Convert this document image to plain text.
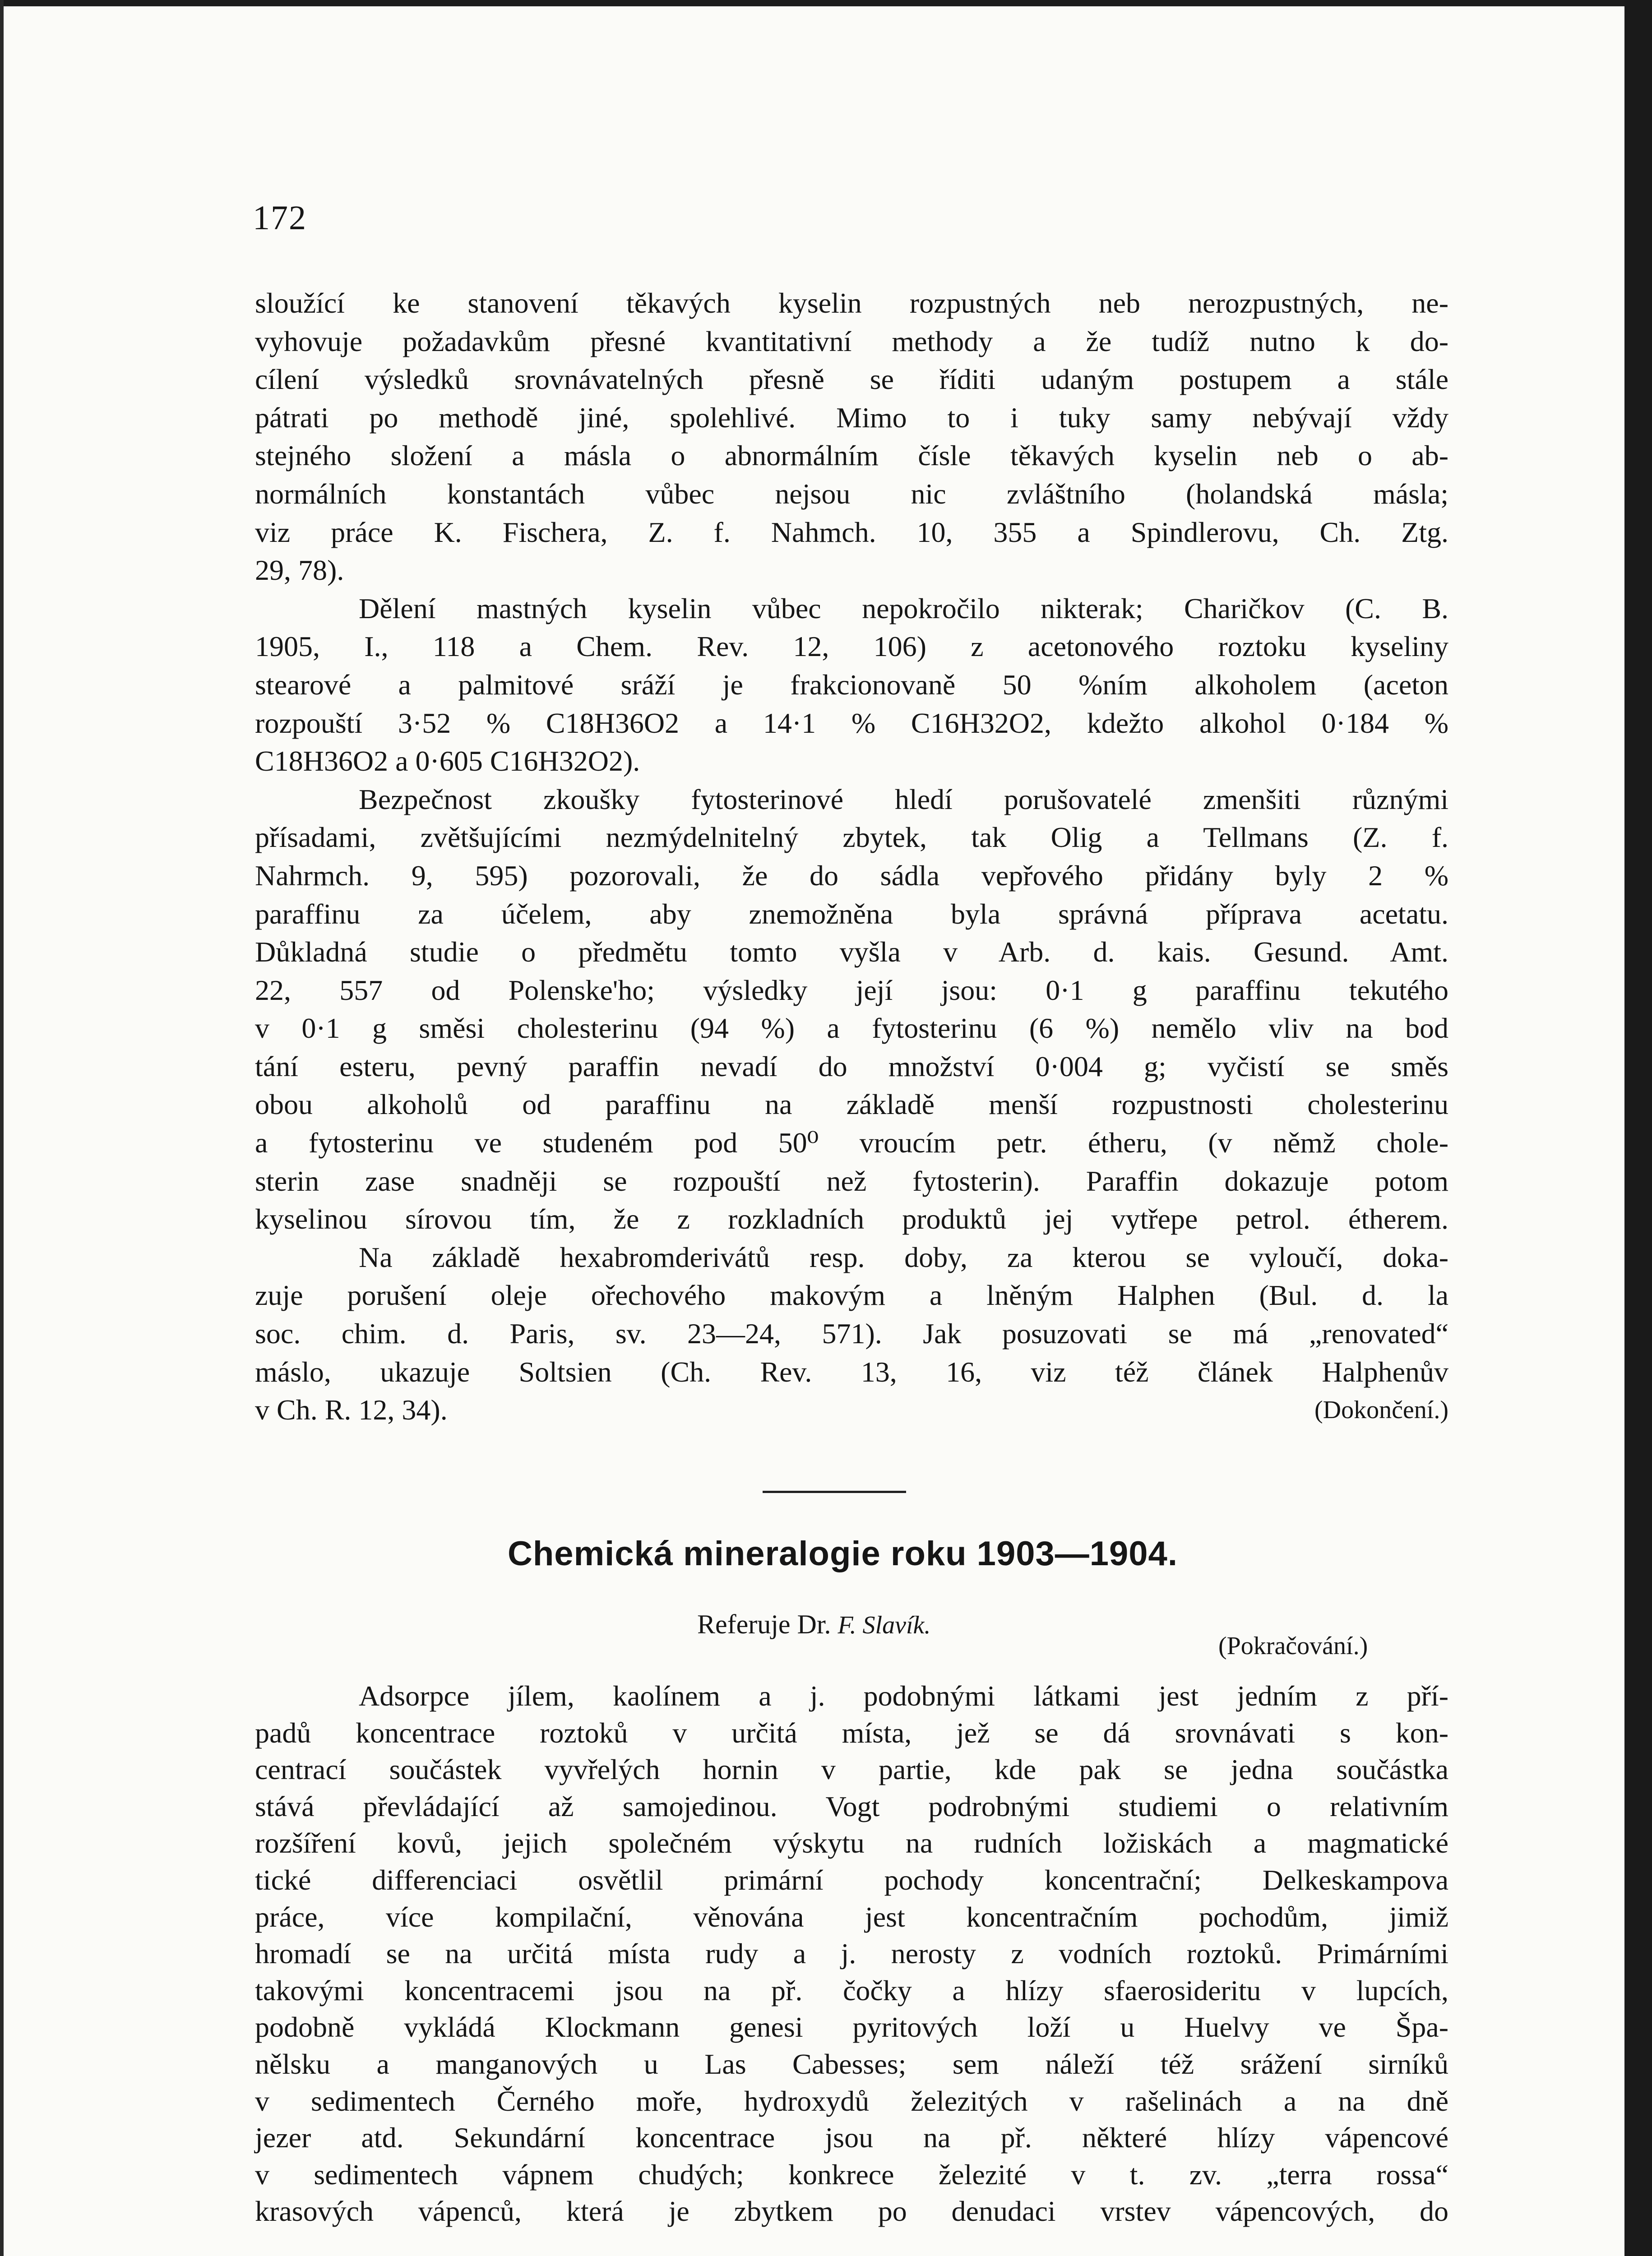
172
sloužící ke stanovení těkavých kyselin rozpustných neb nerozpustných, ne-
vyhovuje požadavkům přesné kvantitativní methody a že tudíž nutno k do-
cílení výsledků srovnávatelných přesně se říditi udaným postupem a stále
pátrati po methodě jiné, spolehlivé. Mimo to i tuky samy nebývají vždy
stejného složení a másla o abnormálním čísle těkavých kyselin neb o ab-
normálních konstantách vůbec nejsou nic zvláštního (holandská másla;
viz práce K. Fischera, Z. f. Nahmch. 10, 355 a Spindlerovu, Ch. Ztg.
29, 78).
Dělení mastných kyselin vůbec nepokročilo nikterak; Charičkov (C. B.
1905, I., 118 a Chem. Rev. 12, 106) z acetonového roztoku kyseliny
stearové a palmitové sráží je frakcionovaně 50 %ním alkoholem (aceton
rozpouští 3·52 % C18H36O2 a 14·1 % C16H32O2, kdežto alkohol 0·184 %
C18H36O2 a 0·605 C16H32O2).
Bezpečnost zkoušky fytosterinové hledí porušovatelé zmenšiti různými
přísadami, zvětšujícími nezmýdelnitelný zbytek, tak Olig a Tellmans (Z. f.
Nahrmch. 9, 595) pozorovali, že do sádla vepřového přidány byly 2 %
paraffinu za účelem, aby znemožněna byla správná příprava acetatu.
Důkladná studie o předmětu tomto vyšla v Arb. d. kais. Gesund. Amt.
22, 557 od Polenske'ho; výsledky její jsou: 0·1 g paraffinu tekutého
v 0·1 g směsi cholesterinu (94 %) a fytosterinu (6 %) nemělo vliv na bod
tání esteru, pevný paraffin nevadí do množství 0·004 g; vyčistí se směs
obou alkoholů od paraffinu na základě menší rozpustnosti cholesterinu
a fytosterinu ve studeném pod 50⁰ vroucím petr. étheru, (v němž chole-
sterin zase snadněji se rozpouští než fytosterin). Paraffin dokazuje potom
kyselinou sírovou tím, že z rozkladních produktů jej vytřepe petrol. étherem.
Na základě hexabromderivátů resp. doby, za kterou se vyloučí, doka-
zuje porušení oleje ořechového makovým a lněným Halphen (Bul. d. la
soc. chim. d. Paris, sv. 23—24, 571). Jak posuzovati se má „renovated“
máslo, ukazuje Soltsien (Ch. Rev. 13, 16, viz též článek Halphenův
v Ch. R. 12, 34).	(Dokončení.)
Chemická mineralogie roku 1903—1904.
Referuje Dr. F. Slavík.
(Pokračování.)
Adsorpce jílem, kaolínem a j. podobnými látkami jest jedním z pří-
padů koncentrace roztoků v určitá místa, jež se dá srovnávati s kon-
centrací součástek vyvřelých hornin v partie, kde pak se jedna součástka
stává převládající až samojedinou. Vogt podrobnými studiemi o relativním
rozšíření kovů, jejich společném výskytu na rudních ložiskách a magmatické
tické differenciaci osvětlil primární pochody koncentrační; Delkeskampova
práce, více kompilační, věnována jest koncentračním pochodům, jimiž
hromadí se na určitá místa rudy a j. nerosty z vodních roztoků. Primárními
takovými koncentracemi jsou na př. čočky a hlízy sfaerosideritu v lupcích,
podobně vykládá Klockmann genesi pyritových loží u Huelvy ve Špa-
nělsku a manganových u Las Cabesses; sem náleží též srážení sirníků
v sedimentech Černého moře, hydroxydů železitých v rašelinách a na dně
jezer atd. Sekundární koncentrace jsou na př. některé hlízy vápencové
v sedimentech vápnem chudých; konkrece železité v t. zv. „terra rossa“
krasových vápenců, která je zbytkem po denudaci vrstev vápencových, do
